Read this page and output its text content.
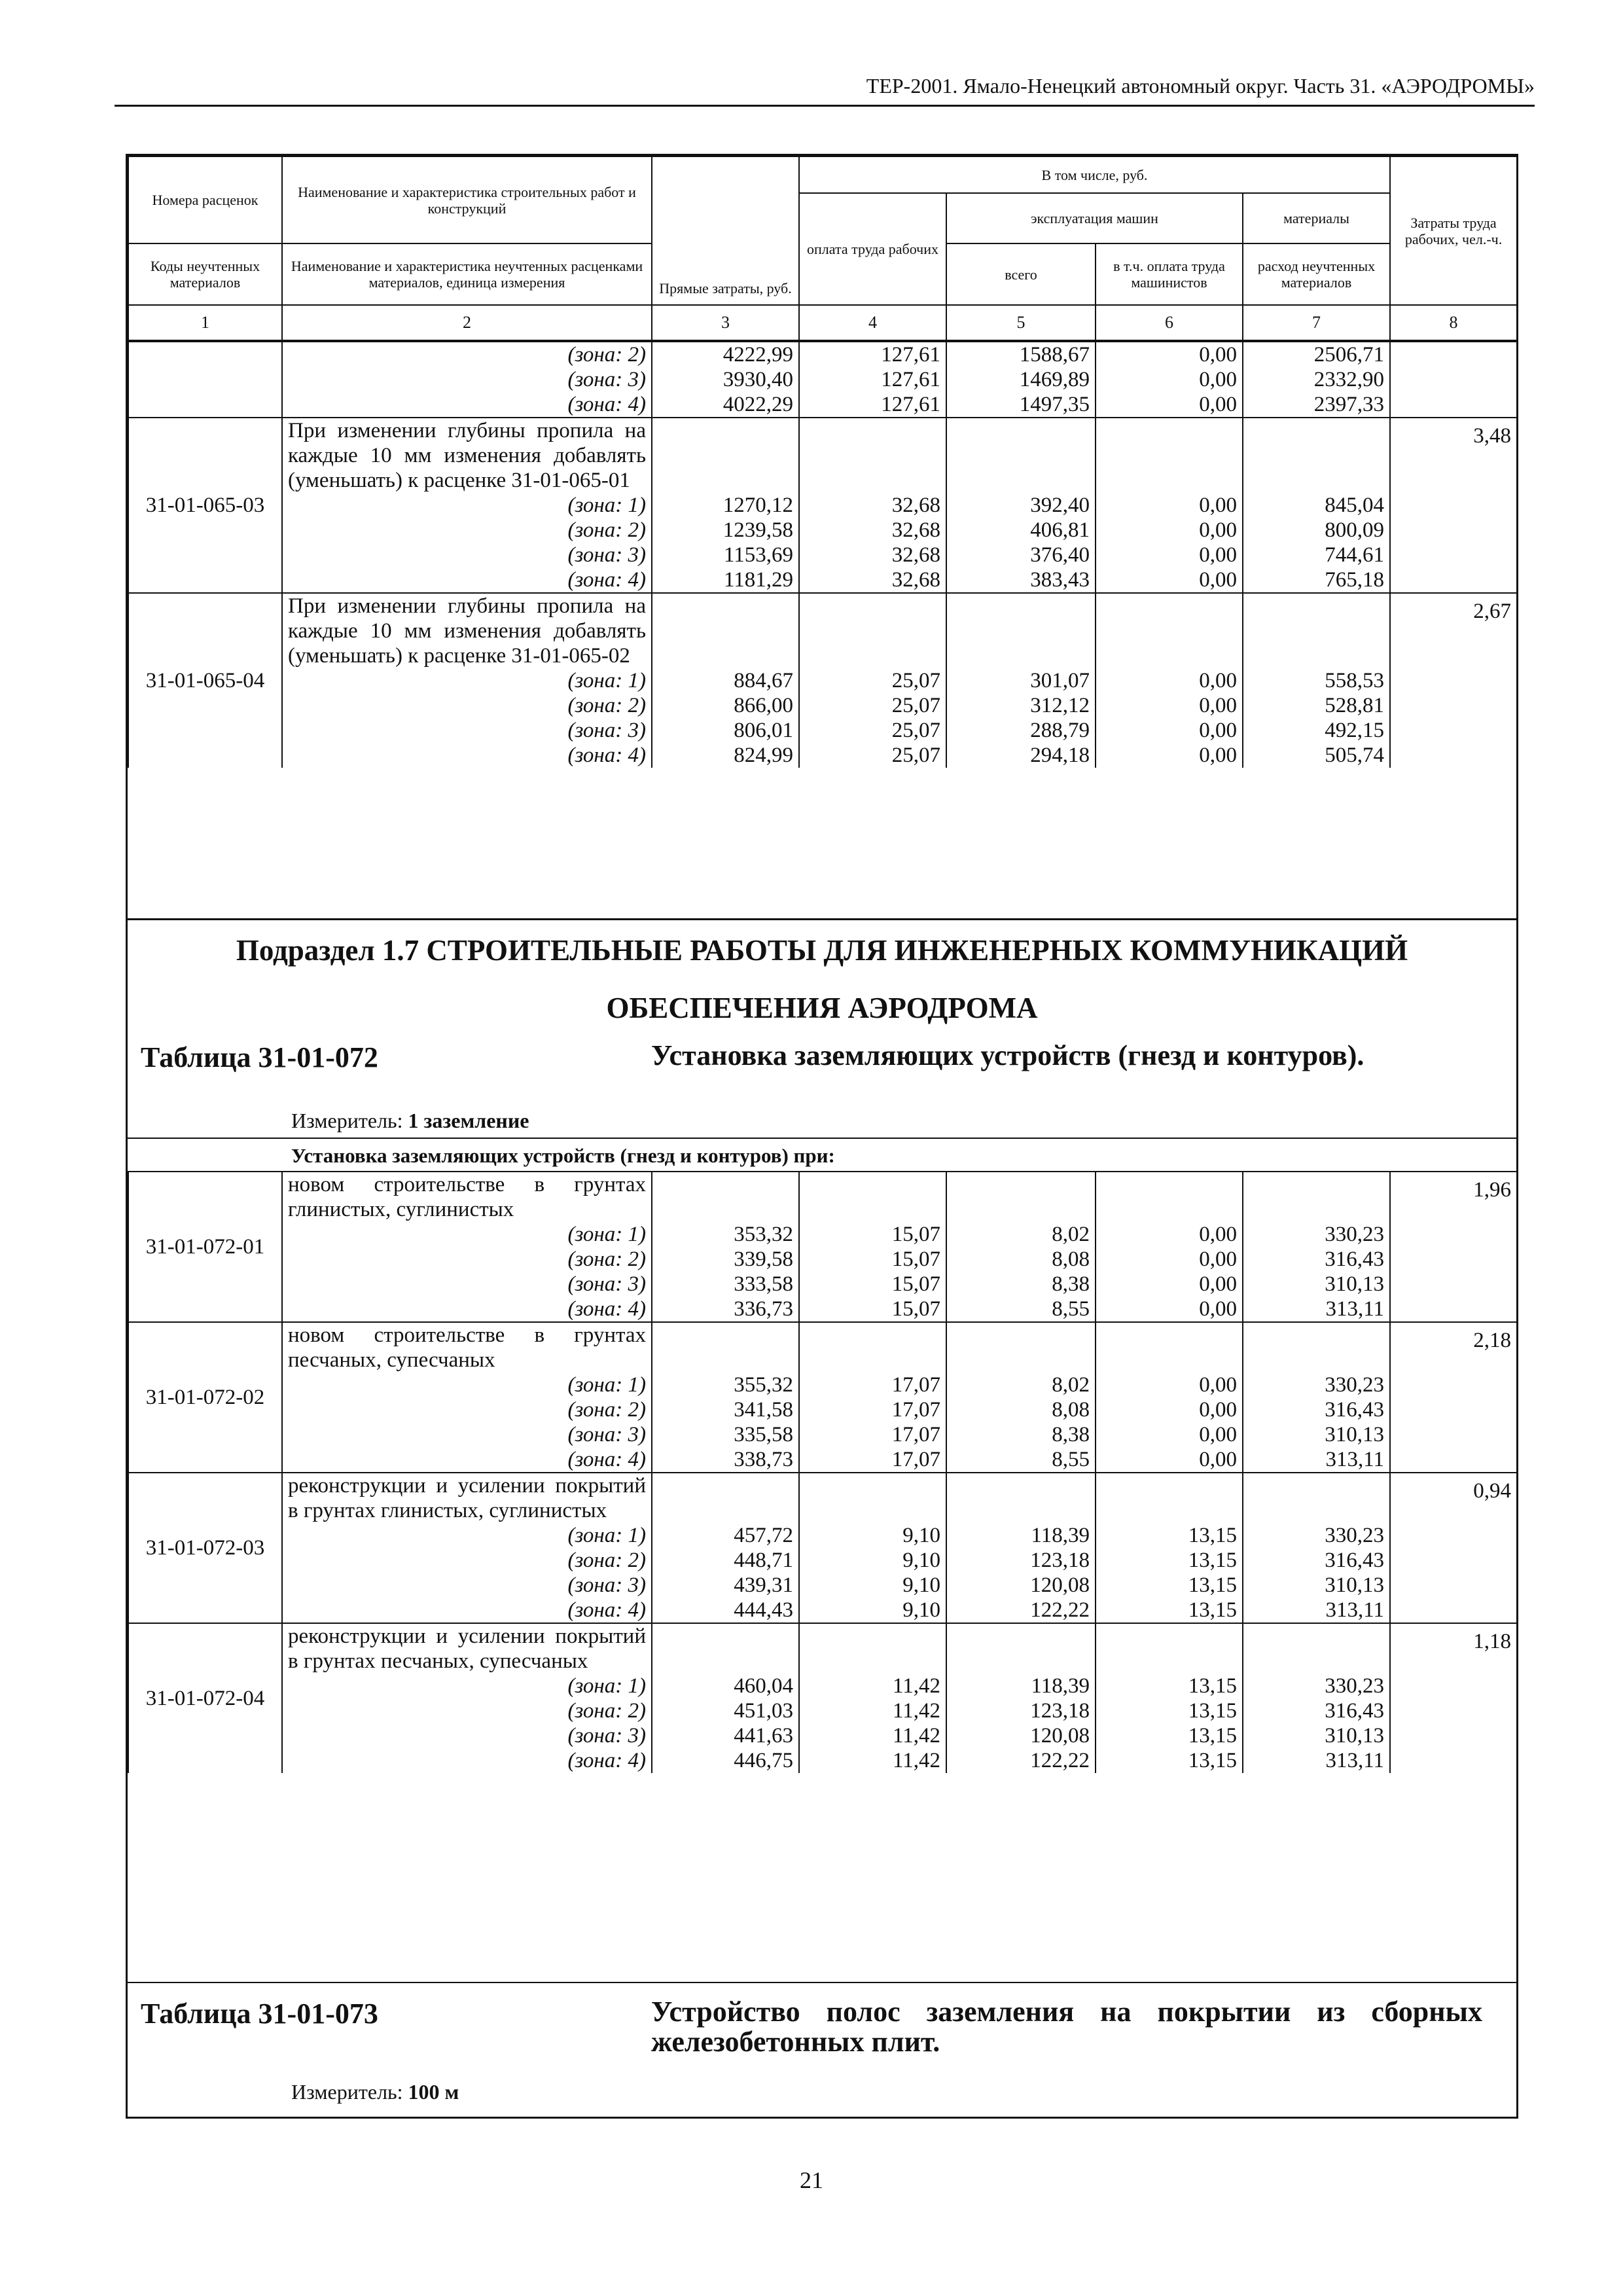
ТЕР-2001. Ямало-Ненецкий автономный округ. Часть 31. «АЭРОДРОМЫ»
Номера расценок	Наименование и характеристика строительных работ и конструкций	Прямые затраты, руб.	В том числе, руб.				Затраты труда рабочих, чел.-ч.
			оплата труда рабочих	эксплуатация машин		материалы	
Коды неучтенных материалов	Наименование и характеристика неучтенных расценками материалов, единица измерения			всего	в т.ч. оплата труда машинистов	расход неучтенных материалов	
1	2	3	4	5	6	7	8
	(зона: 2)	4222,99	127,61	1588,67	0,00	2506,71	
	(зона: 3)	3930,40	127,61	1469,89	0,00	2332,90	
	(зона: 4)	4022,29	127,61	1497,35	0,00	2397,33	
31-01-065-03	При изменении глубины пропила на каждые 10 мм изменения добавлять (уменьшать) к расценке 31-01-065-01						3,48
	(зона: 1)	1270,12	32,68	392,40	0,00	845,04	
	(зона: 2)	1239,58	32,68	406,81	0,00	800,09	
	(зона: 3)	1153,69	32,68	376,40	0,00	744,61	
	(зона: 4)	1181,29	32,68	383,43	0,00	765,18	
31-01-065-04	При изменении глубины пропила на каждые 10 мм изменения добавлять (уменьшать) к расценке 31-01-065-02						2,67
	(зона: 1)	884,67	25,07	301,07	0,00	558,53	
	(зона: 2)	866,00	25,07	312,12	0,00	528,81	
	(зона: 3)	806,01	25,07	288,79	0,00	492,15	
	(зона: 4)	824,99	25,07	294,18	0,00	505,74	

Подраздел 1.7 СТРОИТЕЛЬНЫЕ РАБОТЫ ДЛЯ ИНЖЕНЕРНЫХ КОММУНИКАЦИЙ
ОБЕСПЕЧЕНИЯ АЭРОДРОМА
Таблица 31-01-072	Установка заземляющих устройств (гнезд и контуров).
Измеритель: 1 заземление
Установка заземляющих устройств (гнезд и контуров) при:
31-01-072-01	новом строительстве в грунтах глинистых, суглинистых						1,96
	(зона: 1)	353,32	15,07	8,02	0,00	330,23	
	(зона: 2)	339,58	15,07	8,08	0,00	316,43	
	(зона: 3)	333,58	15,07	8,38	0,00	310,13	
	(зона: 4)	336,73	15,07	8,55	0,00	313,11	
31-01-072-02	новом строительстве в грунтах песчаных, супесчаных						2,18
	(зона: 1)	355,32	17,07	8,02	0,00	330,23	
	(зона: 2)	341,58	17,07	8,08	0,00	316,43	
	(зона: 3)	335,58	17,07	8,38	0,00	310,13	
	(зона: 4)	338,73	17,07	8,55	0,00	313,11	
31-01-072-03	реконструкции и усилении покрытий в грунтах глинистых, суглинистых						0,94
	(зона: 1)	457,72	9,10	118,39	13,15	330,23	
	(зона: 2)	448,71	9,10	123,18	13,15	316,43	
	(зона: 3)	439,31	9,10	120,08	13,15	310,13	
	(зона: 4)	444,43	9,10	122,22	13,15	313,11	
31-01-072-04	реконструкции и усилении покрытий в грунтах песчаных, супесчаных						1,18
	(зона: 1)	460,04	11,42	118,39	13,15	330,23	
	(зона: 2)	451,03	11,42	123,18	13,15	316,43	
	(зона: 3)	441,63	11,42	120,08	13,15	310,13	
	(зона: 4)	446,75	11,42	122,22	13,15	313,11	
Таблица 31-01-073	Устройство полос заземления на покрытии из сборных железобетонных плит.
Измеритель: 100 м
21
